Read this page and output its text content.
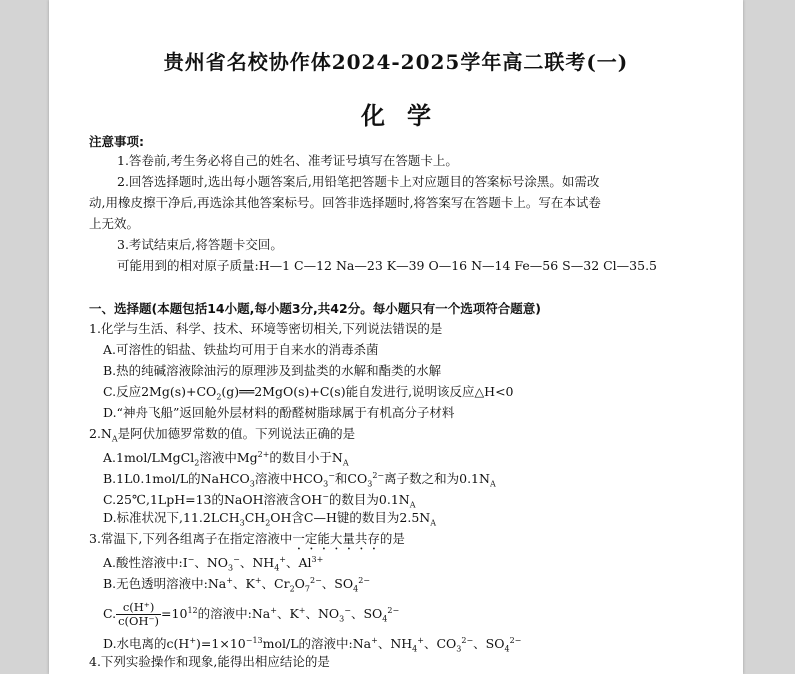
贵州省名校协作体2024-2025学年高二联考(一)
化学
注意事项:
1.答卷前,考生务必将自己的姓名、准考证号填写在答题卡上。
2.回答选择题时,选出每小题答案后,用铅笔把答题卡上对应题目的答案标号涂黑。如需改
动,用橡皮擦干净后,再选涂其他答案标号。回答非选择题时,将答案写在答题卡上。写在本试卷
上无效。
3.考试结束后,将答题卡交回。
可能用到的相对原子质量:H—1 C—12 Na—23 K—39 O—16 N—14 Fe—56 S—32 Cl—35.5
一、选择题(本题包括14小题,每小题3分,共42分。每小题只有一个选项符合题意)
1.化学与生活、科学、技术、环境等密切相关,下列说法错误的是
A.可溶性的铝盐、铁盐均可用于自来水的消毒杀菌
B.热的纯碱溶液除油污的原理涉及到盐类的水解和酯类的水解
C.反应$2Mg(s)+CO_2(g)══2MgO(s)+C(s)$能自发进行,说明该反应△H<0
D.“神舟飞船”返回舱外层材料的酚醛树脂球属于有机高分子材料
$2.N_A$是阿伏加德罗常数的值。下列说法正确的是
A.1mol/LMgCl$_2$溶液中$Mg^{2+}$的数目小于$N_A$
B.1L0.1mol/L的NaHCO$_3$溶液中$HCO_3^-$和$CO_3^{2-}$离子数之和为$0.1N_A$
C.25℃,1LpH=13的NaOH溶液含OH−的数目为$0.1N_A$
D.标准状况下$,11.2LCH_3CH_2OH$含C—H键的数目为$2.5N_A$
3.常温下,下列各组离子在指定溶液中一定能大量共存的是
A.酸性溶液中:I−、$NO_3^-$、$NH_4^+$、$Al^{3+}$
B.无色透明溶液中:Na+、K+、$Cr_2O_7^{2-}$、$SO_4^{2-}$
C. $\frac{c(H^+)}{c(OH^-)} =10^{12}$的溶液中:Na+、K+、$NO_3^-$、$SO_4^{2-}$
D.水电离的$c(H^+)=1\times 10^{-13}mol/L$的溶液中:Na+、$NH_4^+$、$CO_3^{2-}$、$SO_4^{2-}$
4.下列实验操作和现象,能得出相应结论的是
